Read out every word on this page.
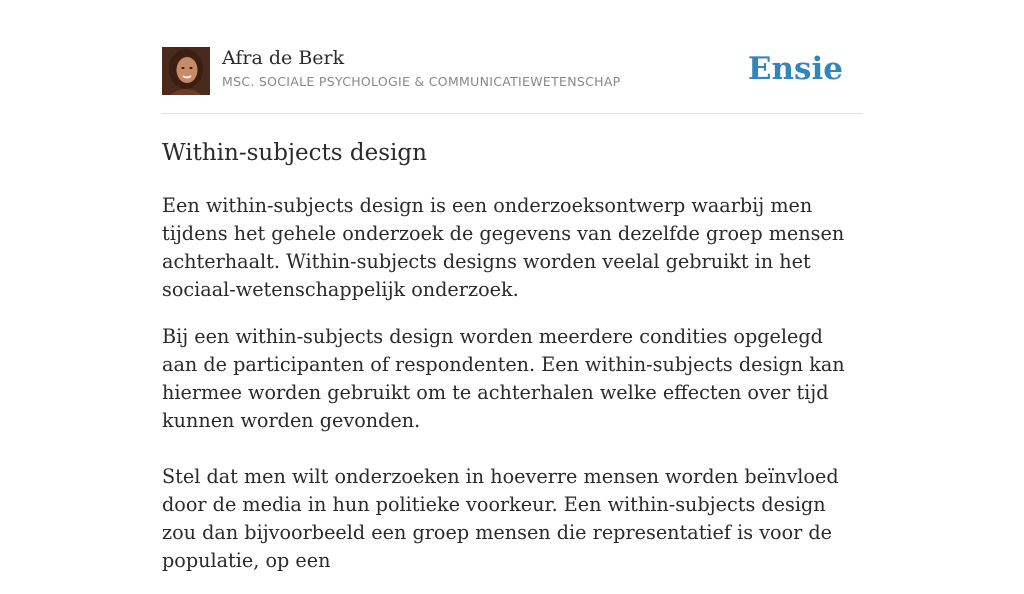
Afra de Berk
MSC. SOCIALE PSYCHOLOGIE & COMMUNICATIEWETENSCHAP	Ensie
Within-subjects design

Een within-subjects design is een onderzoeksontwerp waarbij men tijdens het gehele onderzoek de gegevens van dezelfde groep mensen achterhaalt. Within-subjects designs worden veelal gebruikt in het sociaal-wetenschappelijk onderzoek.

Bij een within-subjects design worden meerdere condities opgelegd aan de participanten of respondenten. Een within-subjects design kan hiermee worden gebruikt om te achterhalen welke effecten over tijd kunnen worden gevonden.

Stel dat men wilt onderzoeken in hoeverre mensen worden beïnvloed door de media in hun politieke voorkeur. Een within-subjects design zou dan bijvoorbeeld een groep mensen die representatief is voor de populatie, op een
